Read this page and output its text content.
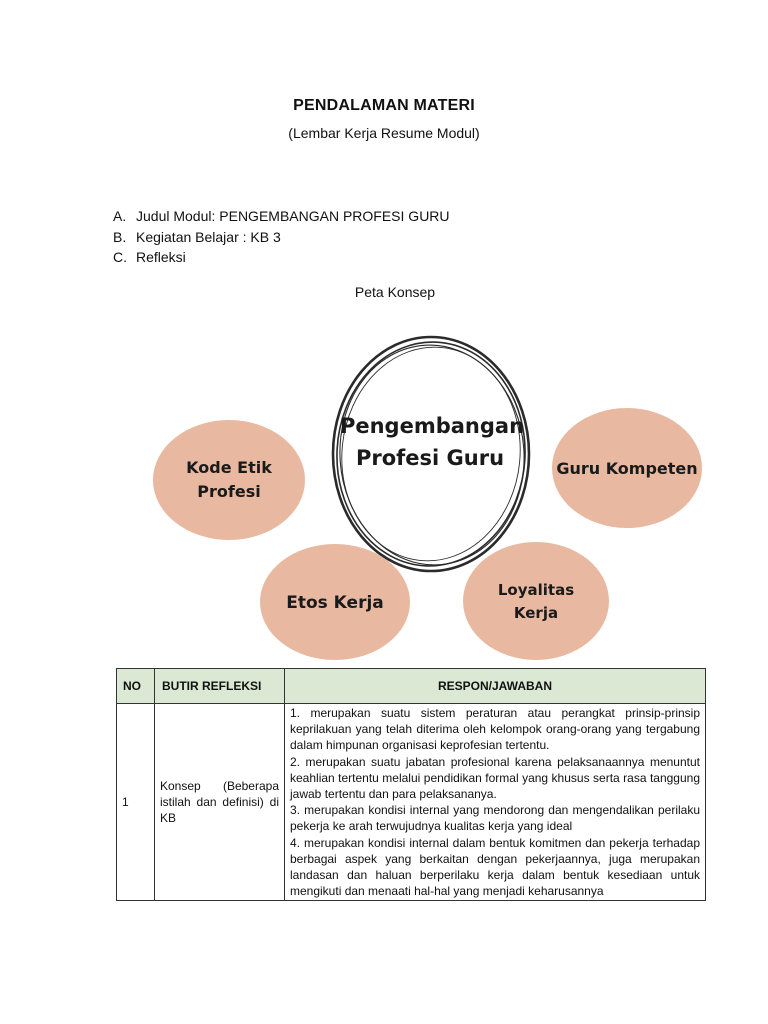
PENDALAMAN MATERI
(Lembar Kerja Resume Modul)
A. Judul Modul: PENGEMBANGAN PROFESI GURU
B. Kegiatan Belajar : KB 3
C. Refleksi
Peta Konsep
Pengembangan
Profesi Guru
Kode Etik
Profesi
Guru Kompeten
Etos Kerja
Loyalitas
Kerja
NO	BUTIR REFLEKSI	RESPON/JAWABAN
1	Konsep (Beberapa istilah dan definisi) di KB	1. merupakan suatu sistem peraturan atau perangkat prinsip-prinsip keprilakuan yang telah diterima oleh kelompok orang-orang yang tergabung dalam himpunan organisasi keprofesian tertentu.
2. merupakan suatu jabatan profesional karena pelaksanaannya menuntut keahlian tertentu melalui pendidikan formal yang khusus serta rasa tanggung jawab tertentu dan para pelaksananya.
3. merupakan kondisi internal yang mendorong dan mengendalikan perilaku pekerja ke arah terwujudnya kualitas kerja yang ideal
4. merupakan kondisi internal dalam bentuk komitmen dan pekerja terhadap berbagai aspek yang berkaitan dengan pekerjaannya, juga merupakan landasan dan haluan berperilaku kerja dalam bentuk kesediaan untuk mengikuti dan menaati hal-hal yang menjadi keharusannya
